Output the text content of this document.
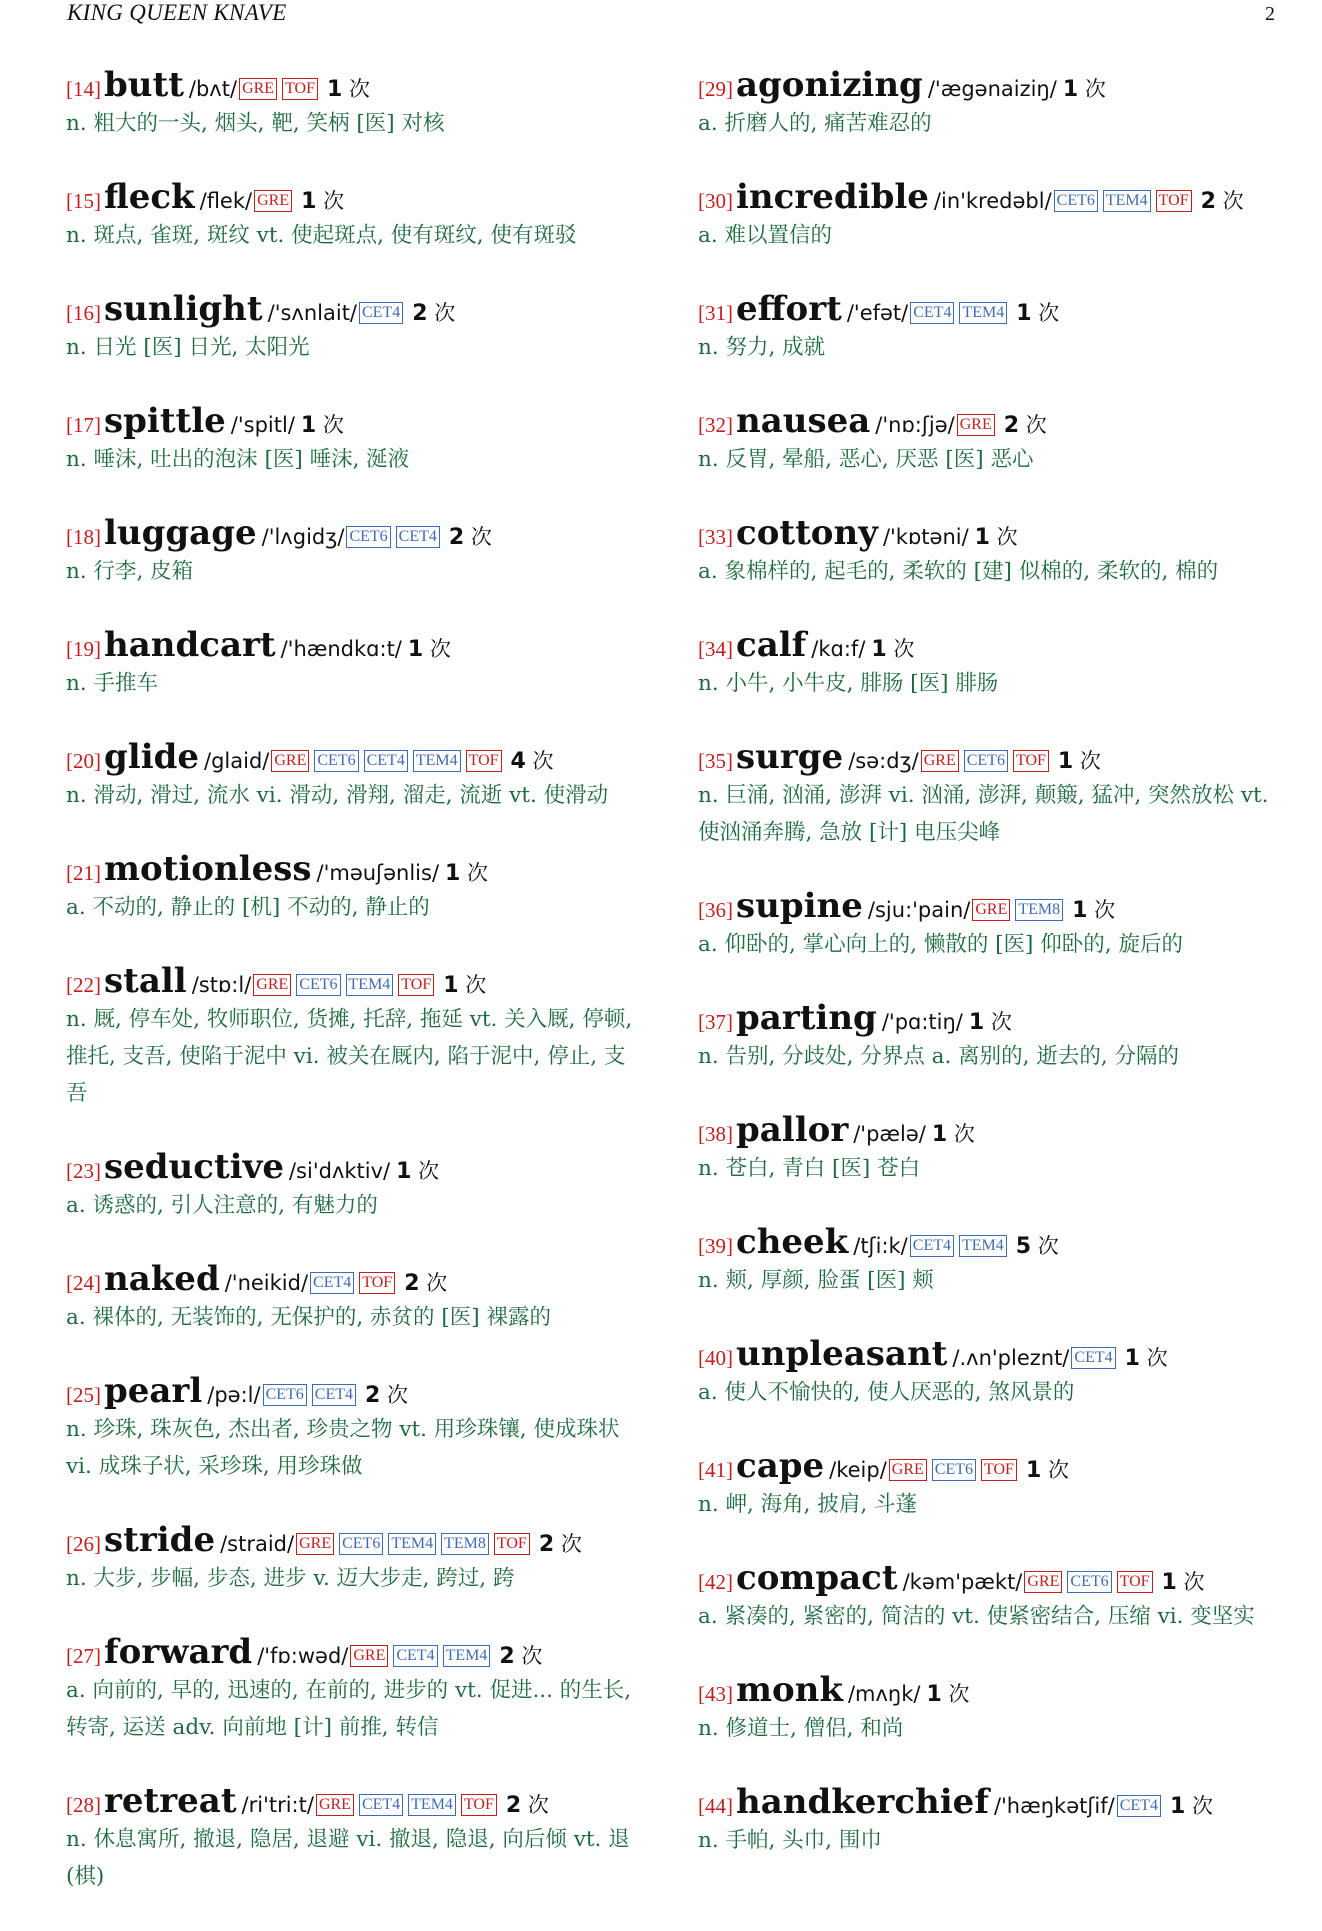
KING QUEEN KNAVE	2
[14]butt /bʌt/ GRE TOF 1 次
n. 粗大的一头, 烟头, 靶, 笑柄 [医] 对核
[15]fleck /flek/ GRE 1 次
n. 斑点, 雀斑, 斑纹 vt. 使起斑点, 使有斑纹, 使有斑驳
[16]sunlight /'sʌnlait/ CET4 2 次
n. 日光 [医] 日光, 太阳光
[17]spittle /'spitl/ 1 次
n. 唾沫, 吐出的泡沫 [医] 唾沫, 涎液
[18]luggage /'lʌgidʒ/ CET6 CET4 2 次
n. 行李, 皮箱
[19]handcart /'hændkɑ:t/ 1 次
n. 手推车
[20]glide /glaid/ GRE CET6 CET4 TEM4 TOF 4 次
n. 滑动, 滑过, 流水 vi. 滑动, 滑翔, 溜走, 流逝 vt. 使滑动
[21]motionless /'məuʃənlis/ 1 次
a. 不动的, 静止的 [机] 不动的, 静止的
[22]stall /stɒ:l/ GRE CET6 TEM4 TOF 1 次
n. 厩, 停车处, 牧师职位, 货摊, 托辞, 拖延 vt. 关入厩, 停顿, 推托, 支吾, 使陷于泥中 vi. 被关在厩内, 陷于泥中, 停止, 支吾
[23]seductive /si'dʌktiv/ 1 次
a. 诱惑的, 引人注意的, 有魅力的
[24]naked /'neikid/ CET4 TOF 2 次
a. 裸体的, 无装饰的, 无保护的, 赤贫的 [医] 裸露的
[25]pearl /pə:l/ CET6 CET4 2 次
n. 珍珠, 珠灰色, 杰出者, 珍贵之物 vt. 用珍珠镶, 使成珠状 vi. 成珠子状, 采珍珠, 用珍珠做
[26]stride /straid/ GRE CET6 TEM4 TEM8 TOF 2 次
n. 大步, 步幅, 步态, 进步 v. 迈大步走, 跨过, 跨
[27]forward /'fɒ:wəd/ GRE CET4 TEM4 2 次
a. 向前的, 早的, 迅速的, 在前的, 进步的 vt. 促进... 的生长, 转寄, 运送 adv. 向前地 [计] 前推, 转信
[28]retreat /ri'tri:t/ GRE CET4 TEM4 TOF 2 次
n. 休息寓所, 撤退, 隐居, 退避 vi. 撤退, 隐退, 向后倾 vt. 退 (棋)
[29]agonizing /'ægənaiziŋ/ 1 次
a. 折磨人的, 痛苦难忍的
[30]incredible /in'kredəbl/ CET6 TEM4 TOF 2 次
a. 难以置信的
[31]effort /'efət/ CET4 TEM4 1 次
n. 努力, 成就
[32]nausea /'nɒ:ʃjə/ GRE 2 次
n. 反胃, 晕船, 恶心, 厌恶 [医] 恶心
[33]cottony /'kɒtəni/ 1 次
a. 象棉样的, 起毛的, 柔软的 [建] 似棉的, 柔软的, 棉的
[34]calf /kɑ:f/ 1 次
n. 小牛, 小牛皮, 腓肠 [医] 腓肠
[35]surge /sə:dʒ/ GRE CET6 TOF 1 次
n. 巨涌, 汹涌, 澎湃 vi. 汹涌, 澎湃, 颠簸, 猛冲, 突然放松 vt. 使汹涌奔腾, 急放 [计] 电压尖峰
[36]supine /sju:'pain/ GRE TEM8 1 次
a. 仰卧的, 掌心向上的, 懒散的 [医] 仰卧的, 旋后的
[37]parting /'pɑ:tiŋ/ 1 次
n. 告别, 分歧处, 分界点 a. 离别的, 逝去的, 分隔的
[38]pallor /'pælə/ 1 次
n. 苍白, 青白 [医] 苍白
[39]cheek /tʃi:k/ CET4 TEM4 5 次
n. 颊, 厚颜, 脸蛋 [医] 颊
[40]unpleasant /.ʌn'pleznt/ CET4 1 次
a. 使人不愉快的, 使人厌恶的, 煞风景的
[41]cape /keip/ GRE CET6 TOF 1 次
n. 岬, 海角, 披肩, 斗蓬
[42]compact /kəm'pækt/ GRE CET6 TOF 1 次
a. 紧凑的, 紧密的, 简洁的 vt. 使紧密结合, 压缩 vi. 变坚实
[43]monk /mʌŋk/ 1 次
n. 修道士, 僧侣, 和尚
[44]handkerchief /'hæŋkətʃif/ CET4 1 次
n. 手帕, 头巾, 围巾
